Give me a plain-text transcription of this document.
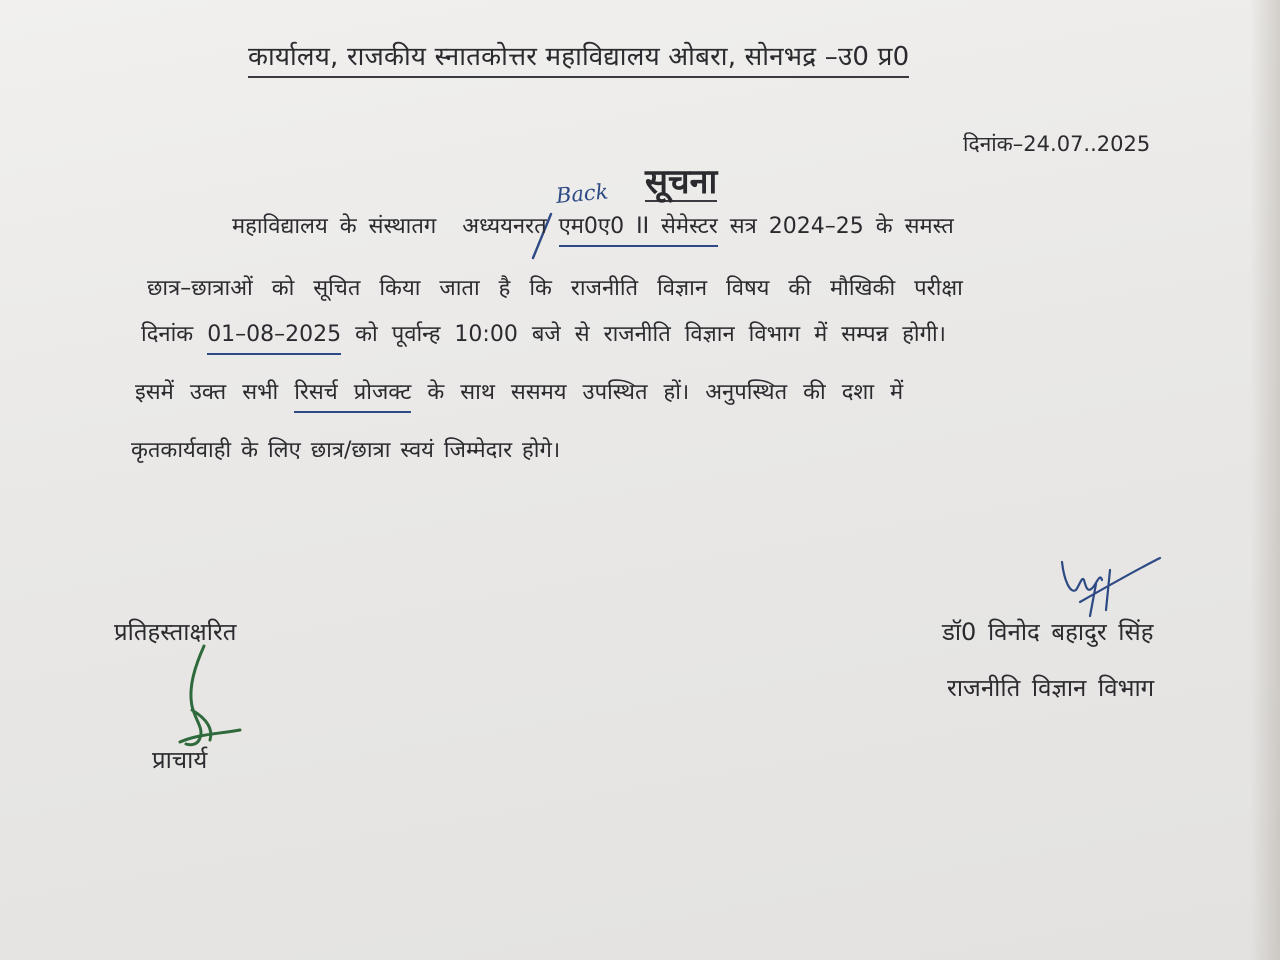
कार्यालय, राजकीय स्नातकोत्तर महाविद्यालय ओबरा, सोनभद्र –उ0 प्र0
दिनांक–24.07..2025
Back सूचना
महाविद्यालय के संस्थातग अध्ययनरत एम0ए0 II सेमेस्टर सत्र 2024–25 के समस्त
छात्र–छात्राओं को सूचित किया जाता है कि राजनीति विज्ञान विषय की मौखिकी परीक्षा
दिनांक 01–08–2025 को पूर्वान्ह 10:00 बजे से राजनीति विज्ञान विभाग में सम्पन्न होगी।
इसमें उक्त सभी रिसर्च प्रोजक्ट के साथ ससमय उपस्थित हों। अनुपस्थित की दशा में
कृतकार्यवाही के लिए छात्र/छात्रा स्वयं जिम्मेदार होगे।
प्रतिहस्ताक्षरित
प्राचार्य
डॉ0 विनोद बहादुर सिंह
राजनीति विज्ञान विभाग
